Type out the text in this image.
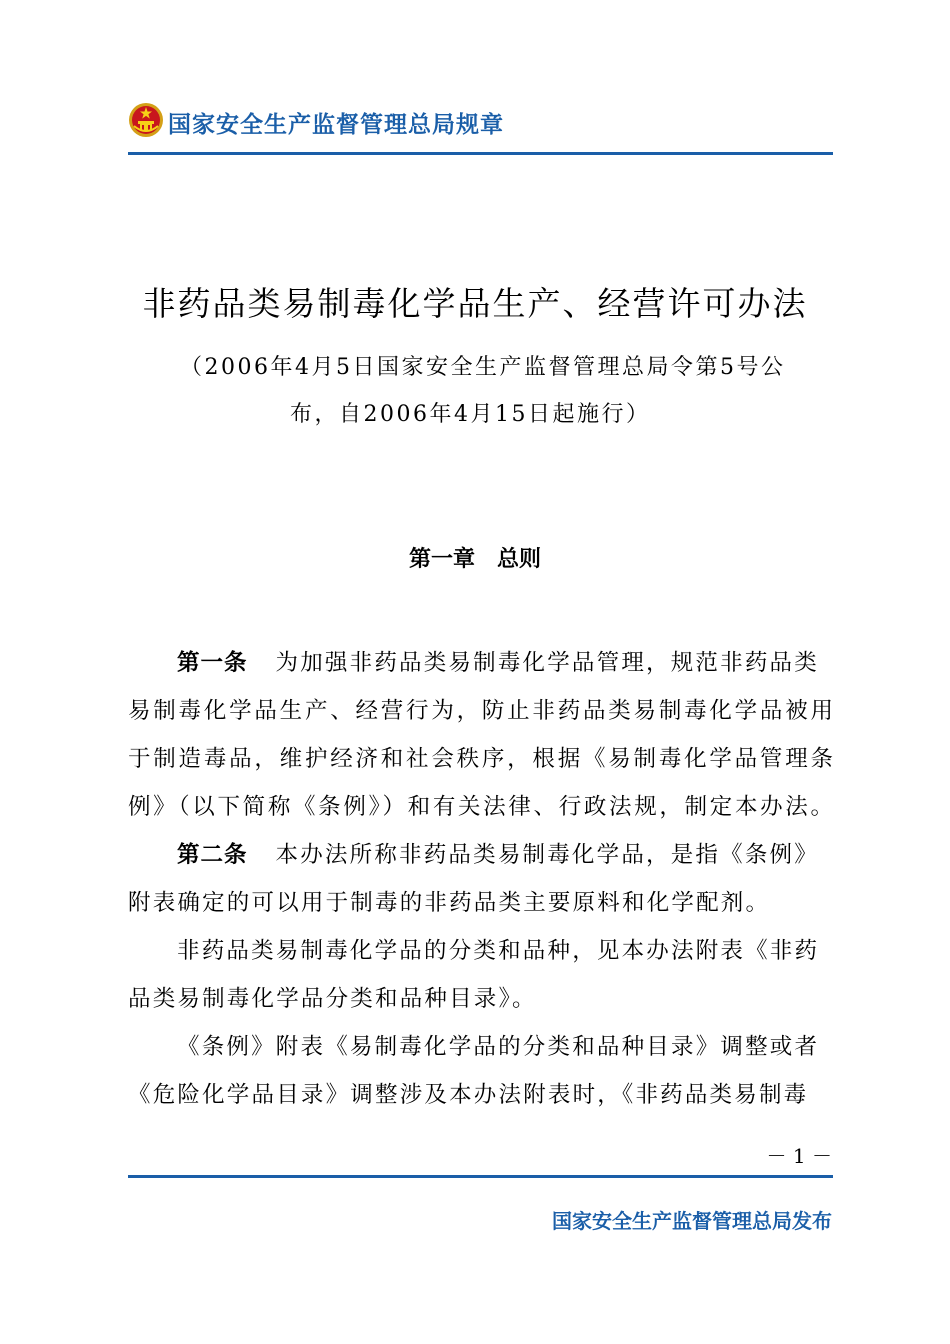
国家安全生产监督管理总局规章
非药品类易制毒化学品生产、经营许可办法
（2006年4月5日国家安全生产监督管理总局令第5号公
布，自2006年4月15日起施行）
第一章　总则
第一条 为加强非药品类易制毒化学品管理，规范非药品类
易制毒化学品生产、经营行为，防止非药品类易制毒化学品被用
于制造毒品，维护经济和社会秩序，根据《易制毒化学品管理条
例》（以下简称《条例》）和有关法律、行政法规，制定本办法。
第二条 本办法所称非药品类易制毒化学品，是指《条例》
附表确定的可以用于制毒的非药品类主要原料和化学配剂。
非药品类易制毒化学品的分类和品种，见本办法附表《非药
品类易制毒化学品分类和品种目录》。
《条例》附表《易制毒化学品的分类和品种目录》调整或者
《危险化学品目录》调整涉及本办法附表时，《非药品类易制毒
－ 1 －
国家安全生产监督管理总局发布
